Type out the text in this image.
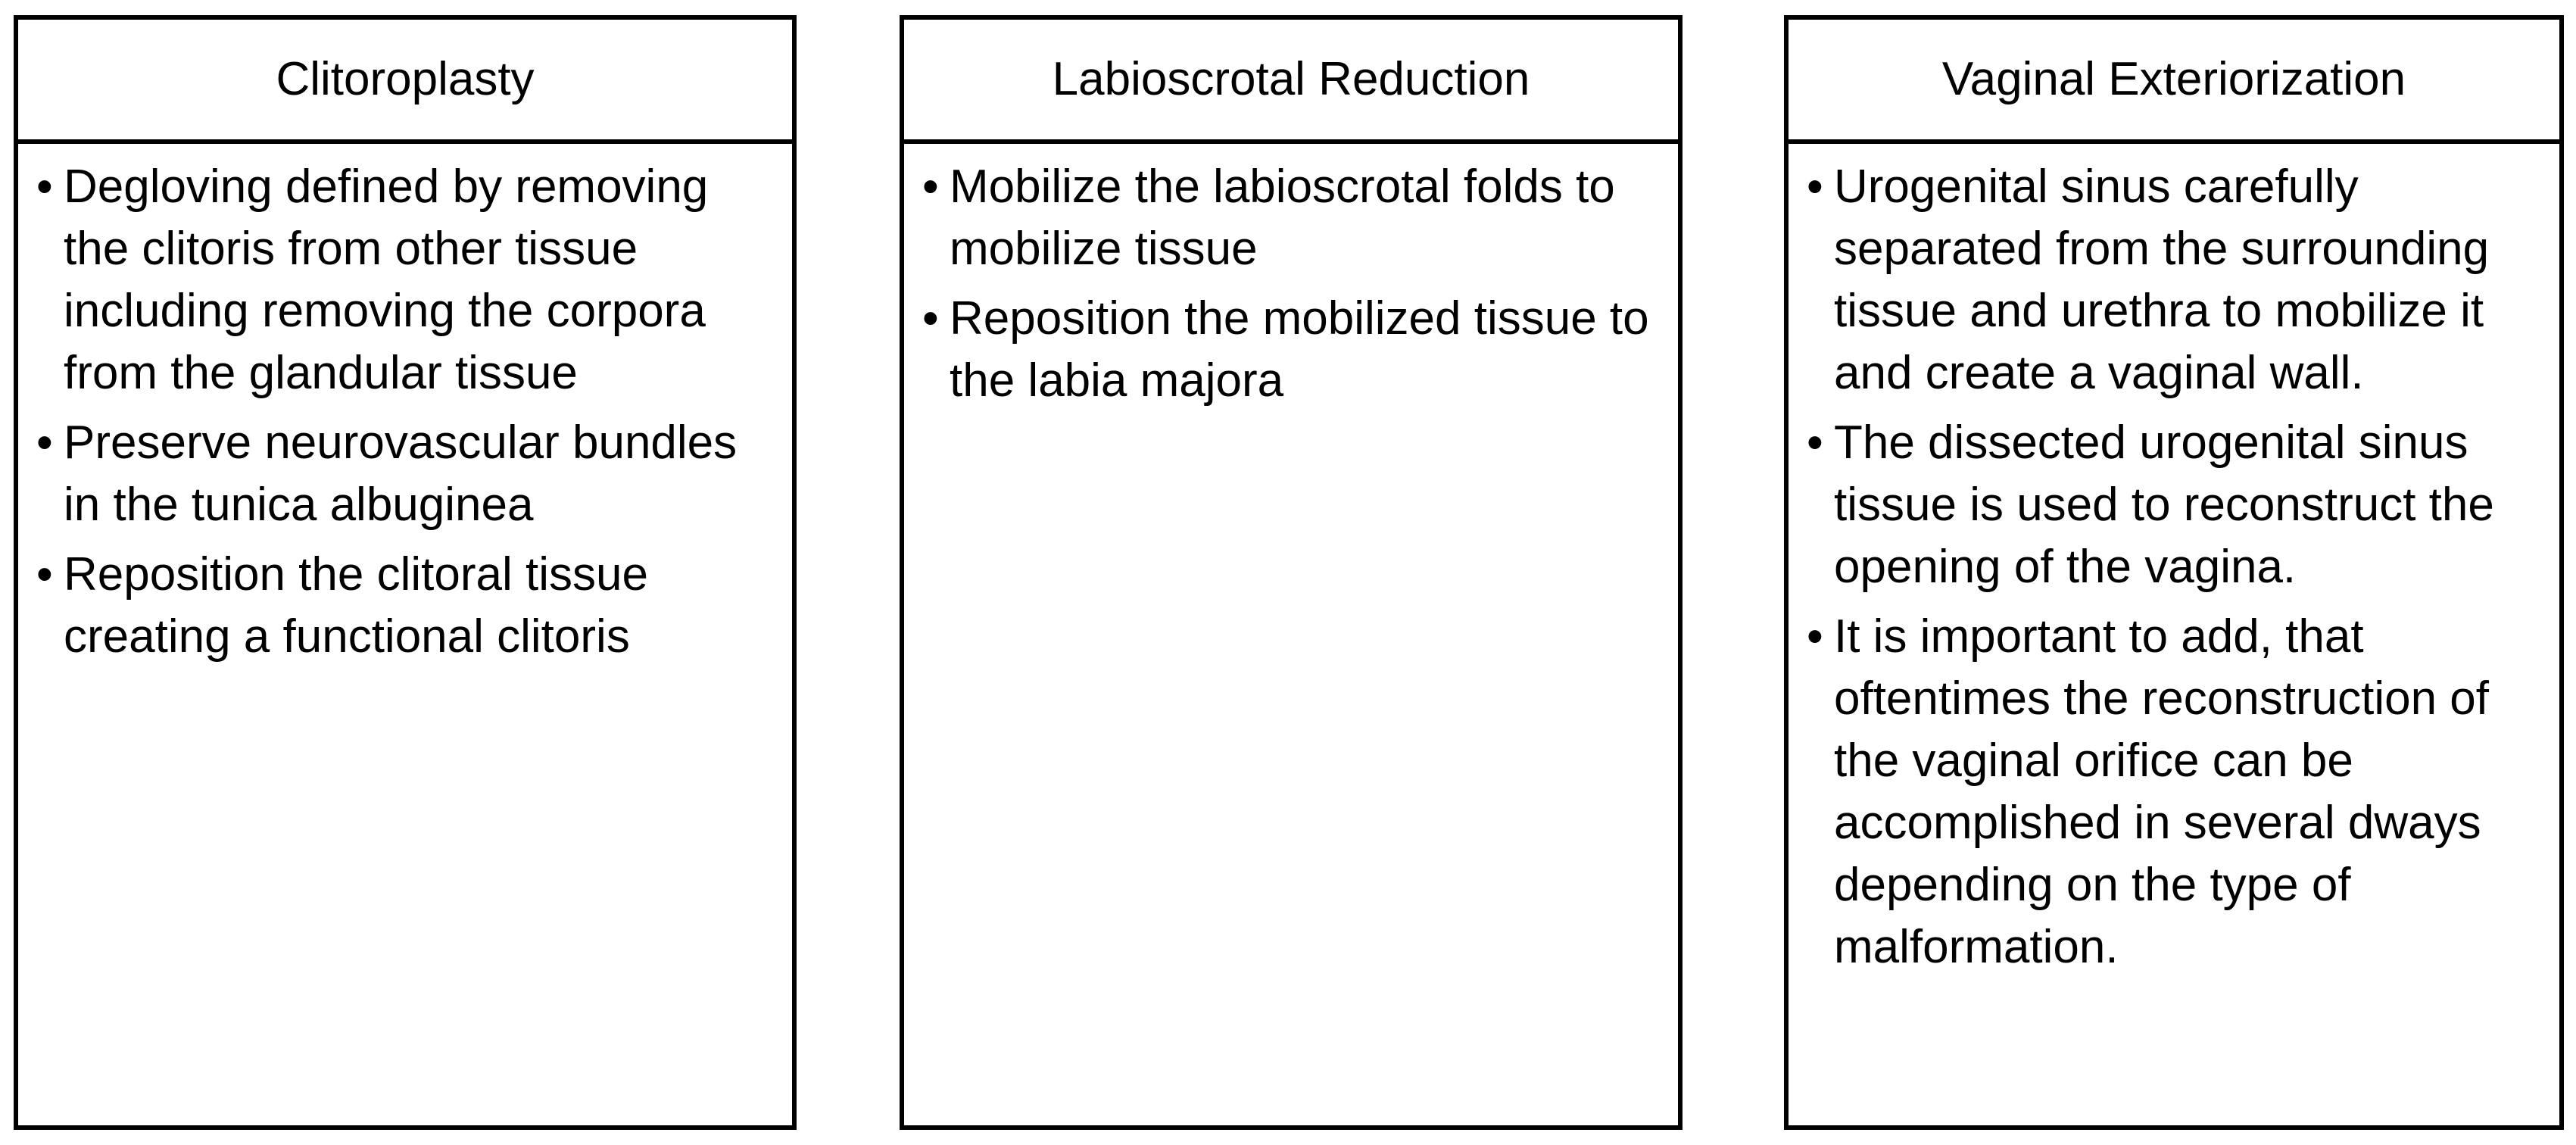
Clitoroplasty
• Degloving defined by removing the clitoris from other tissue including removing the corpora from the glandular tissue
• Preserve neurovascular bundles in the tunica albuginea
• Reposition the clitoral tissue creating a functional clitoris
Labioscrotal Reduction
• Mobilize the labioscrotal folds to mobilize tissue
• Reposition the mobilized tissue to the labia majora
Vaginal Exteriorization
• Urogenital sinus carefully separated from the surrounding tissue and urethra to mobilize it and create a vaginal wall.
• The dissected urogenital sinus tissue is used to reconstruct the opening of the vagina.
• It is important to add, that oftentimes the reconstruction of the vaginal orifice can be accomplished in several dways depending on the type of malformation.
